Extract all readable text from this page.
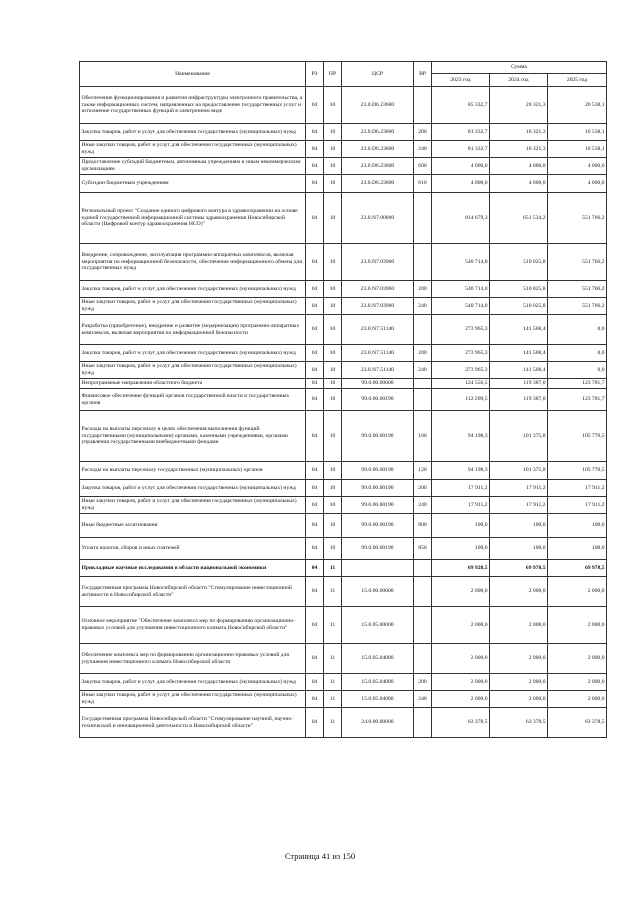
Наименование	РЗ	ПР	ЦСР	ВР	Сумма		
					2023 год	2024 год	2025 год
Обеспечение функционирования и развития инфраструктуры электронного правительства, а также информационных систем, направленных на предоставление государственных услуг и исполнение государственных функций в электронном виде	04	10	23.0.D6.23600		85 332,7	20 321,3	20 538,1
Закупка товаров, работ и услуг для обеспечения государственных (муниципальных) нужд	04	10	23.0.D6.23600	200	81 332,7	16 321,3	16 538,1
Иные закупки товаров, работ и услуг для обеспечения государственных (муниципальных) нужд	04	10	23.0.D6.23600	240	81 332,7	16 321,3	16 538,1
Предоставление субсидий бюджетным, автономным учреждениям и иным некоммерческим организациям	04	10	23.0.D6.23600	600	4 000,0	4 000,0	4 000,0
Субсидии бюджетным учреждениям	04	10	23.0.D6.23600	610	4 000,0	4 000,0	4 000,0
Региональный проект "Создание единого цифрового контура в здравоохранении на основе единой государственной информационной системы здравоохранения Новосибирской области (Цифровой контур здравоохранения НСО)"	04	10	23.0.N7.00000		814 679,3	651 534,2	551 766,2
Внедрение, сопровождение, эксплуатация программно-аппаратных комплексов, включая мероприятия по информационной безопасности, обеспечение информационного обмена для государственных нужд	04	10	23.0.N7.03960		540 714,0	510 025,8	551 766,2
Закупка товаров, работ и услуг для обеспечения государственных (муниципальных) нужд	04	10	23.0.N7.03960	200	540 714,0	510 025,8	551 766,2
Иные закупки товаров, работ и услуг для обеспечения государственных (муниципальных) нужд	04	10	23.0.N7.03960	240	540 714,0	510 025,8	551 766,2
Разработка (приобретение), внедрение и развитие (модернизация) программно-аппаратных комплексов, включая мероприятия по информационной безопасности	04	10	23.0.N7.51140		273 965,3	141 508,4	0,0
Закупка товаров, работ и услуг для обеспечения государственных (муниципальных) нужд	04	10	23.0.N7.51140	200	273 965,3	141 508,4	0,0
Иные закупки товаров, работ и услуг для обеспечения государственных (муниципальных) нужд	04	10	23.0.N7.51140	240	273 965,3	141 508,4	0,0
Непрограммные направления областного бюджета	04	10	99.0.00.00000		124 556,5	119 387,0	123 781,7
Финансовое обеспечение функций органов государственной власти и государственных органов	04	10	99.0.00.00190		112 209,5	119 387,0	123 781,7
Расходы на выплаты персоналу в целях обеспечения выполнения функций государственными (муниципальными) органами, казенными учреждениями, органами управления государственными внебюджетными фондами	04	10	99.0.00.00190	100	94 198,3	101 375,8	105 770,5
Расходы на выплаты персоналу государственных (муниципальных) органов	04	10	99.0.00.00190	120	94 198,3	101 375,8	105 770,5
Закупка товаров, работ и услуг для обеспечения государственных (муниципальных) нужд	04	10	99.0.00.00190	200	17 911,2	17 911,2	17 911,2
Иные закупки товаров, работ и услуг для обеспечения государственных (муниципальных) нужд	04	10	99.0.00.00190	240	17 911,2	17 911,2	17 911,2
Иные бюджетные ассигнования	04	10	99.0.00.00190	800	100,0	100,0	100,0
Уплата налогов, сборов и иных платежей	04	10	99.0.00.00190	850	100,0	100,0	100,0
Прикладные научные исследования в области национальной экономики	04	11			69 928,5	69 978,5	69 978,5
Государственная программа Новосибирской области "Стимулирование инвестиционной активности в Новосибирской области"	04	11	15.0.00.00000		2 000,0	2 000,0	2 000,0
Основное мероприятие "Обеспечение комплекса мер по формированию организационно-правовых условий для улучшения инвестиционного климата Новосибирской области"	04	11	15.0.05.00000		2 000,0	2 000,0	2 000,0
Обеспечение комплекса мер по формированию организационно-правовых условий для улучшения инвестиционного климата Новосибирской области	04	11	15.0.05.04080		2 000,0	2 000,0	2 000,0
Закупка товаров, работ и услуг для обеспечения государственных (муниципальных) нужд	04	11	15.0.05.04080	200	2 000,0	2 000,0	2 000,0
Иные закупки товаров, работ и услуг для обеспечения государственных (муниципальных) нужд	04	11	15.0.05.04080	240	2 000,0	2 000,0	2 000,0
Государственная программа Новосибирской области "Стимулирование научной, научно-технической и инновационной деятельности в Новосибирской области"	04	11	24.0.00.00000		63 378,5	63 378,5	63 378,5
Страница 41 из 150
